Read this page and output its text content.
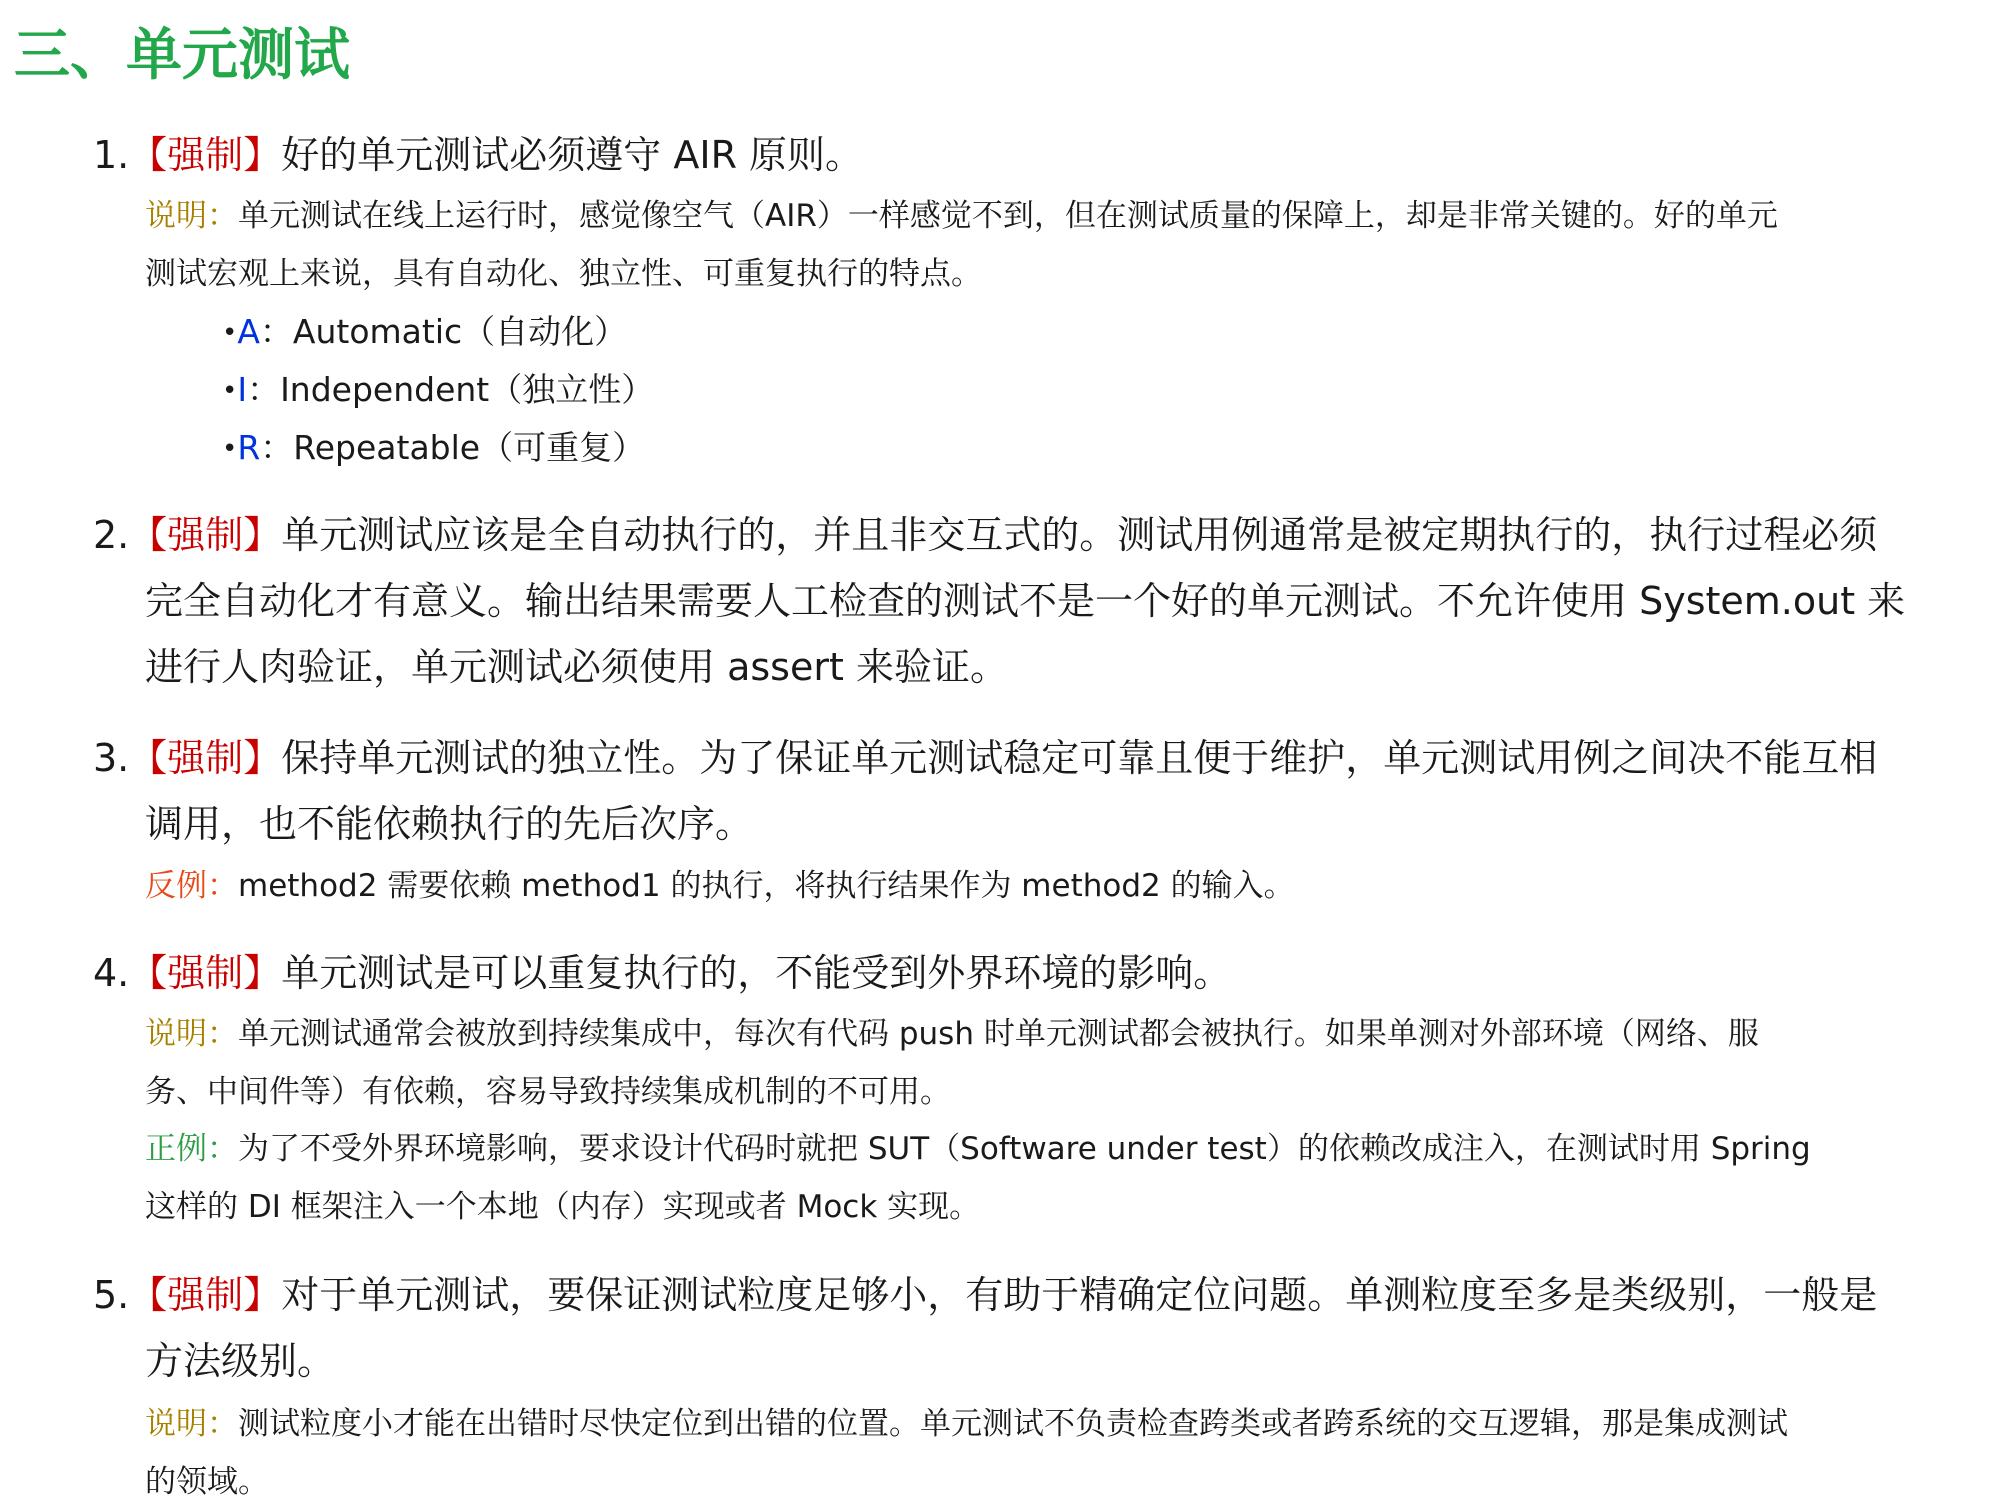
三、单元测试
1.【强制】好的单元测试必须遵守 AIR 原则。
说明：单元测试在线上运行时，感觉像空气（AIR）一样感觉不到，但在测试质量的保障上，却是非常关键的。好的单元
测试宏观上来说，具有自动化、独立性、可重复执行的特点。
•A：Automatic（自动化）
•I：Independent（独立性）
•R：Repeatable（可重复）
2.【强制】单元测试应该是全自动执行的，并且非交互式的。测试用例通常是被定期执行的，执行过程必须
完全自动化才有意义。输出结果需要人工检查的测试不是一个好的单元测试。不允许使用 System.out 来
进行人肉验证，单元测试必须使用 assert 来验证。
3.【强制】保持单元测试的独立性。为了保证单元测试稳定可靠且便于维护，单元测试用例之间决不能互相
调用，也不能依赖执行的先后次序。
反例：method2 需要依赖 method1 的执行，将执行结果作为 method2 的输入。
4.【强制】单元测试是可以重复执行的，不能受到外界环境的影响。
说明：单元测试通常会被放到持续集成中，每次有代码 push 时单元测试都会被执行。如果单测对外部环境（网络、服
务、中间件等）有依赖，容易导致持续集成机制的不可用。
正例：为了不受外界环境影响，要求设计代码时就把 SUT（Software under test）的依赖改成注入，在测试时用 Spring
这样的 DI 框架注入一个本地（内存）实现或者 Mock 实现。
5.【强制】对于单元测试，要保证测试粒度足够小，有助于精确定位问题。单测粒度至多是类级别，一般是
方法级别。
说明：测试粒度小才能在出错时尽快定位到出错的位置。单元测试不负责检查跨类或者跨系统的交互逻辑，那是集成测试
的领域。
